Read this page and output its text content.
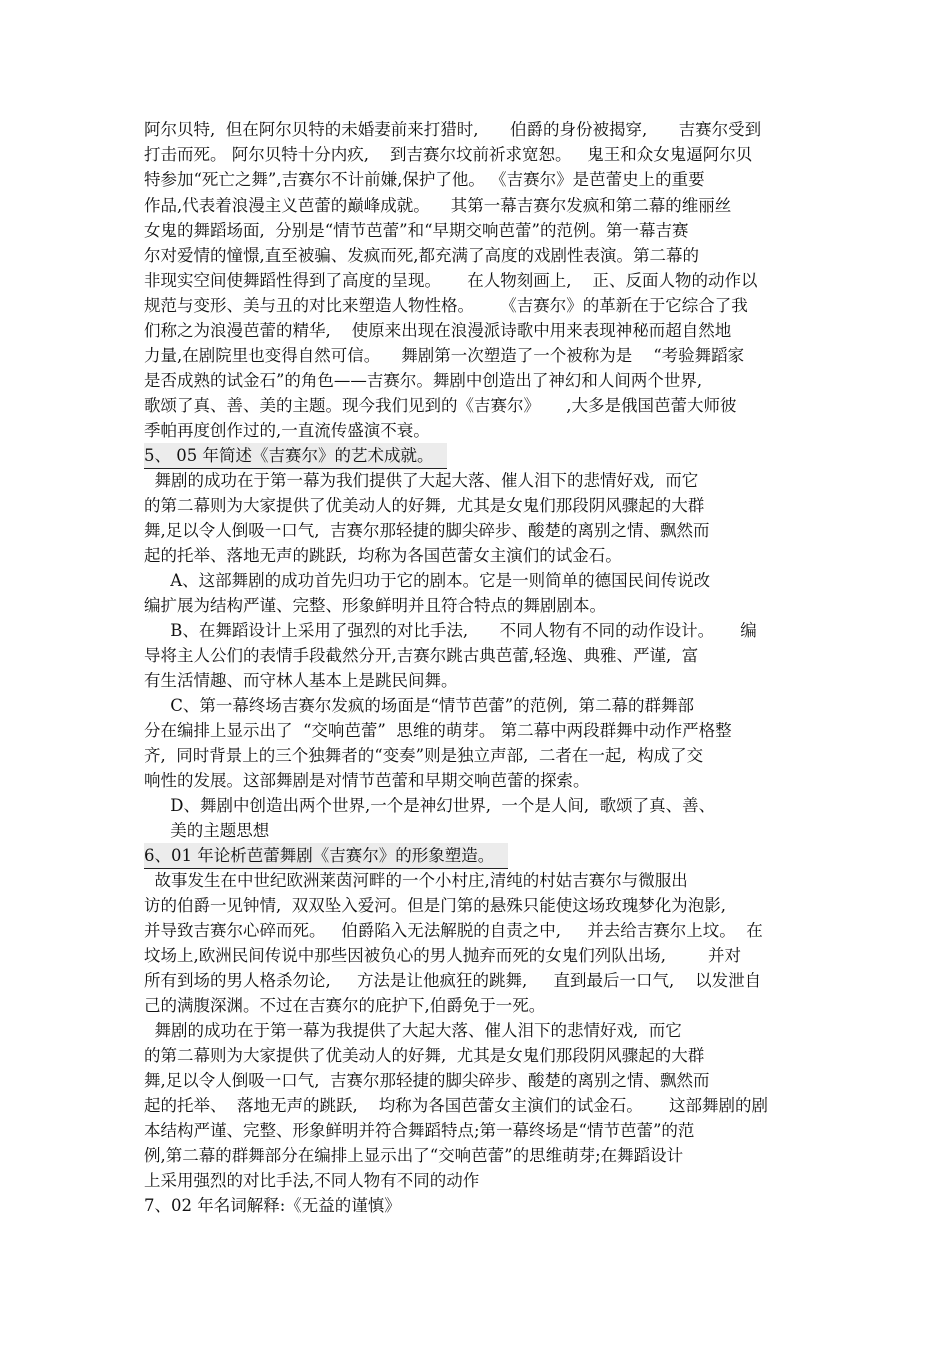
阿尔贝特,  但在阿尔贝特的未婚妻前来打猎时,      伯爵的身份被揭穿,      吉赛尔受到
打击而死。 阿尔贝特十分内疚,    到吉赛尔坟前祈求宽恕。   鬼王和众女鬼逼阿尔贝
特参加“死亡之舞”,吉赛尔不计前嫌,保护了他。 《吉赛尔》是芭蕾史上的重要
作品,代表着浪漫主义芭蕾的巅峰成就。    其第一幕吉赛尔发疯和第二幕的维丽丝
女鬼的舞蹈场面,  分别是“情节芭蕾”和“早期交响芭蕾”的范例。第一幕吉赛
尔对爱情的憧憬,直至被骗、发疯而死,都充满了高度的戏剧性表演。第二幕的
非现实空间使舞蹈性得到了高度的呈现。     在人物刻画上,    正、反面人物的动作以
规范与变形、美与丑的对比来塑造人物性格。     《吉赛尔》的革新在于它综合了我
们称之为浪漫芭蕾的精华,    使原来出现在浪漫派诗歌中用来表现神秘而超自然地
力量,在剧院里也变得自然可信。    舞剧第一次塑造了一个被称为是    “考验舞蹈家
是否成熟的试金石”的角色——吉赛尔。舞剧中创造出了神幻和人间两个世界,
歌颂了真、善、美的主题。现今我们见到的《吉赛尔》     ,大多是俄国芭蕾大师彼
季帕再度创作过的,一直流传盛演不衰。
5、 05 年简述《吉赛尔》的艺术成就。
舞剧的成功在于第一幕为我们提供了大起大落、催人泪下的悲情好戏,  而它
的第二幕则为大家提供了优美动人的好舞,  尤其是女鬼们那段阴风骤起的大群
舞,足以令人倒吸一口气,  吉赛尔那轻捷的脚尖碎步、酸楚的离别之情、飘然而
起的托举、落地无声的跳跃,  均称为各国芭蕾女主演们的试金石。
A、这部舞剧的成功首先归功于它的剧本。它是一则简单的德国民间传说改
编扩展为结构严谨、完整、形象鲜明并且符合特点的舞剧剧本。
B、在舞蹈设计上采用了强烈的对比手法,      不同人物有不同的动作设计。     编
导将主人公们的表情手段截然分开,吉赛尔跳古典芭蕾,轻逸、典雅、严谨,  富
有生活情趣、而守林人基本上是跳民间舞。
C、第一幕终场吉赛尔发疯的场面是“情节芭蕾”的范例,  第二幕的群舞部
分在编排上显示出了  “交响芭蕾”  思维的萌芽。 第二幕中两段群舞中动作严格整
齐,  同时背景上的三个独舞者的“变奏”则是独立声部,  二者在一起,  构成了交
响性的发展。这部舞剧是对情节芭蕾和早期交响芭蕾的探索。
D、舞剧中创造出两个世界,一个是神幻世界,  一个是人间,  歌颂了真、善、
美的主题思想
6、01 年论析芭蕾舞剧《吉赛尔》的形象塑造。
故事发生在中世纪欧洲莱茵河畔的一个小村庄,清纯的村姑吉赛尔与微服出
访的伯爵一见钟情,  双双坠入爱河。但是门第的悬殊只能使这场玫瑰梦化为泡影,
并导致吉赛尔心碎而死。   伯爵陷入无法解脱的自责之中,     并去给吉赛尔上坟。  在
坟场上,欧洲民间传说中那些因被负心的男人抛弃而死的女鬼们列队出场,        并对
所有到场的男人格杀勿论,     方法是让他疯狂的跳舞,     直到最后一口气,    以发泄自
己的满腹深渊。不过在吉赛尔的庇护下,伯爵免于一死。
舞剧的成功在于第一幕为我提供了大起大落、催人泪下的悲情好戏,  而它
的第二幕则为大家提供了优美动人的好舞,  尤其是女鬼们那段阴风骤起的大群
舞,足以令人倒吸一口气,  吉赛尔那轻捷的脚尖碎步、酸楚的离别之情、飘然而
起的托举、  落地无声的跳跃,    均称为各国芭蕾女主演们的试金石。     这部舞剧的剧
本结构严谨、完整、形象鲜明并符合舞蹈特点;第一幕终场是“情节芭蕾”的范
例,第二幕的群舞部分在编排上显示出了“交响芭蕾”的思维萌芽;在舞蹈设计
上采用强烈的对比手法,不同人物有不同的动作
7、02 年名词解释:《无益的谨慎》
